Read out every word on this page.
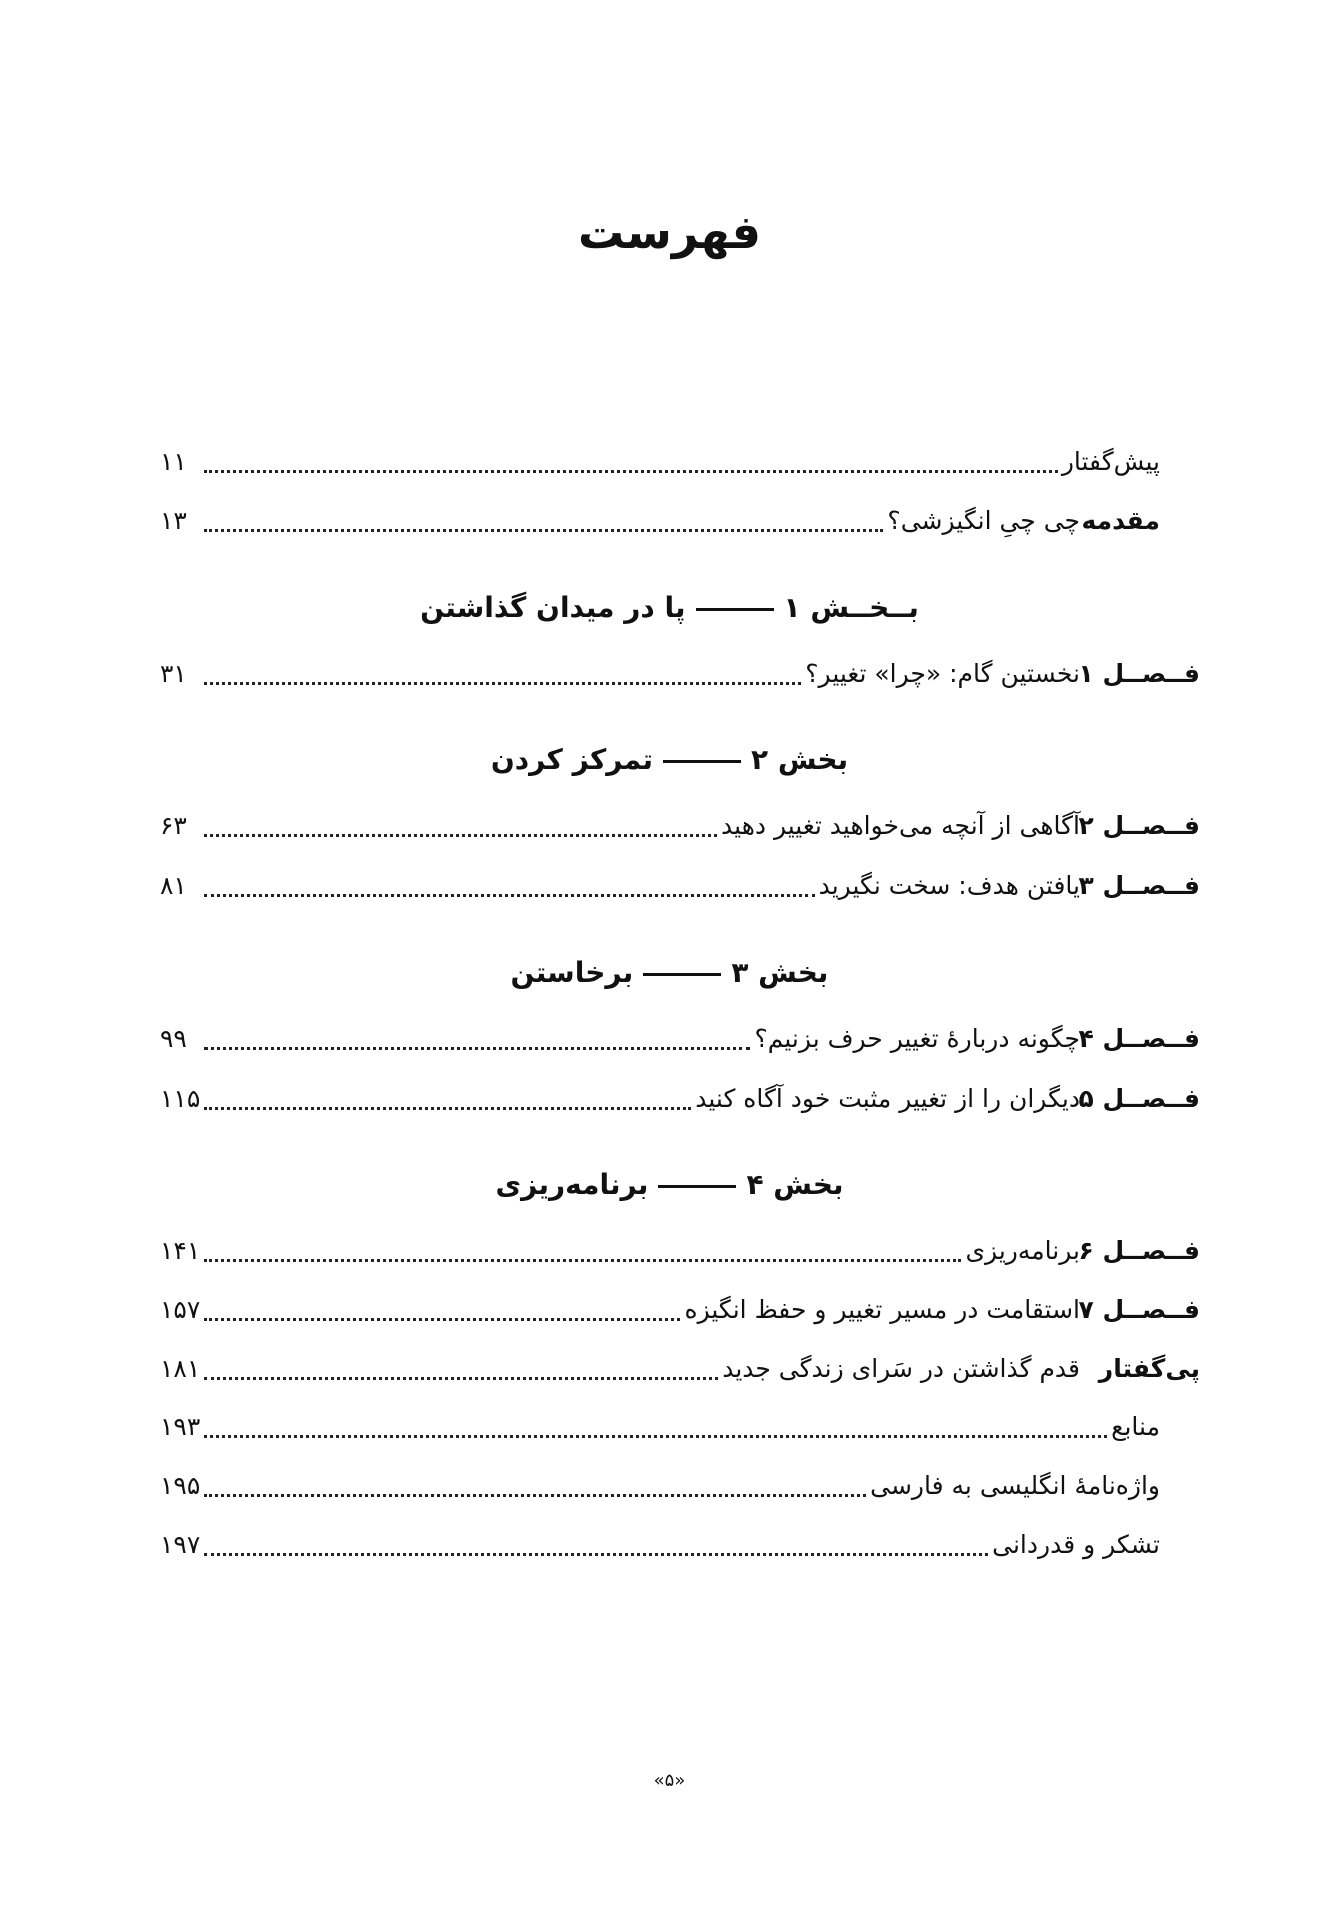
فهرست
پیش‌گفتار
۱۱
مقدمه
چی چیِ انگیزشی؟
۱۳
بــخــش ۱پا در میدان گذاشتن
فــصــل ۱
نخستین گام: «چرا» تغییر؟
۳۱
بخش ۲تمرکز کردن
فــصــل ۲
آگاهی از آنچه می‌خواهید تغییر دهید
۶۳
فــصــل ۳
یافتن هدف: سخت نگیرید
۸۱
بخش ۳برخاستن
فــصــل ۴
چگونه دربارهٔ تغییر حرف بزنیم؟
۹۹
فــصــل ۵
دیگران را از تغییر مثبت خود آگاه کنید
۱۱۵
بخش ۴برنامه‌ریزی
فــصــل ۶
برنامه‌ریزی
۱۴۱
فــصــل ۷
استقامت در مسیر تغییر و حفظ انگیزه
۱۵۷
پی‌گفتار
قدم گذاشتن در سَرای زندگی جدید
۱۸۱
منابع
۱۹۳
واژه‌نامهٔ انگلیسی به فارسی
۱۹۵
تشکر و قدردانی
۱۹۷
«۵»
